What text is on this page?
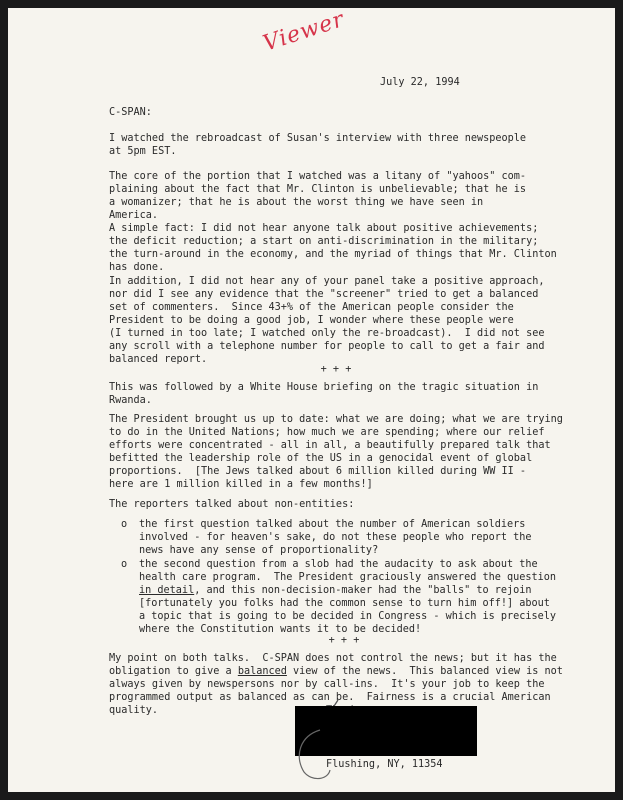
Viewer
July 22, 1994
C-SPAN:
I watched the rebroadcast of Susan's interview with three newspeople
at 5pm EST.
The core of the portion that I watched was a litany of "yahoos" com-
plaining about the fact that Mr. Clinton is unbelievable; that he is
a womanizer; that he is about the worst thing we have seen in
America.
A simple fact: I did not hear anyone talk about positive achievements;
the deficit reduction; a start on anti-discrimination in the military;
the turn-around in the economy, and the myriad of things that Mr. Clinton
has done.
In addition, I did not hear any of your panel take a positive approach,
nor did I see any evidence that the "screener" tried to get a balanced
set of commenters.  Since 43+% of the American people consider the
President to be doing a good job, I wonder where these people were
(I turned in too late; I watched only the re-broadcast).  I did not see
any scroll with a telephone number for people to call to get a fair and
balanced report.
+ + +
This was followed by a White House briefing on the tragic situation in
Rwanda.
The President brought us up to date: what we are doing; what we are trying
to do in the United Nations; how much we are spending; where our relief
efforts were concentrated - all in all, a beautifully prepared talk that
befitted the leadership role of the US in a genocidal event of global
proportions.  [The Jews talked about 6 million killed during WW II -
here are 1 million killed in a few months!]
The reporters talked about non-entities:
o the first question talked about the number of American soldiers
involved - for heaven's sake, do not these people who report the
news have any sense of proportionality?
o the second question from a slob had the audacity to ask about the
health care program.  The President graciously answered the question
in detail, and this non-decision-maker had the "balls" to rejoin
[fortunately you folks had the common sense to turn him off!] about
a topic that is going to be decided in Congress - which is precisely
where the Constitution wants it to be decided!
+ + +
My point on both talks.  C-SPAN does not control the news; but it has the
obligation to give a balanced view of the news.  This balanced view is not
always given by newspersons nor by call-ins.  It's your job to keep the
programmed output as balanced as can be.  Fairness is a crucial American
quality.
Flushing, NY, 11354
